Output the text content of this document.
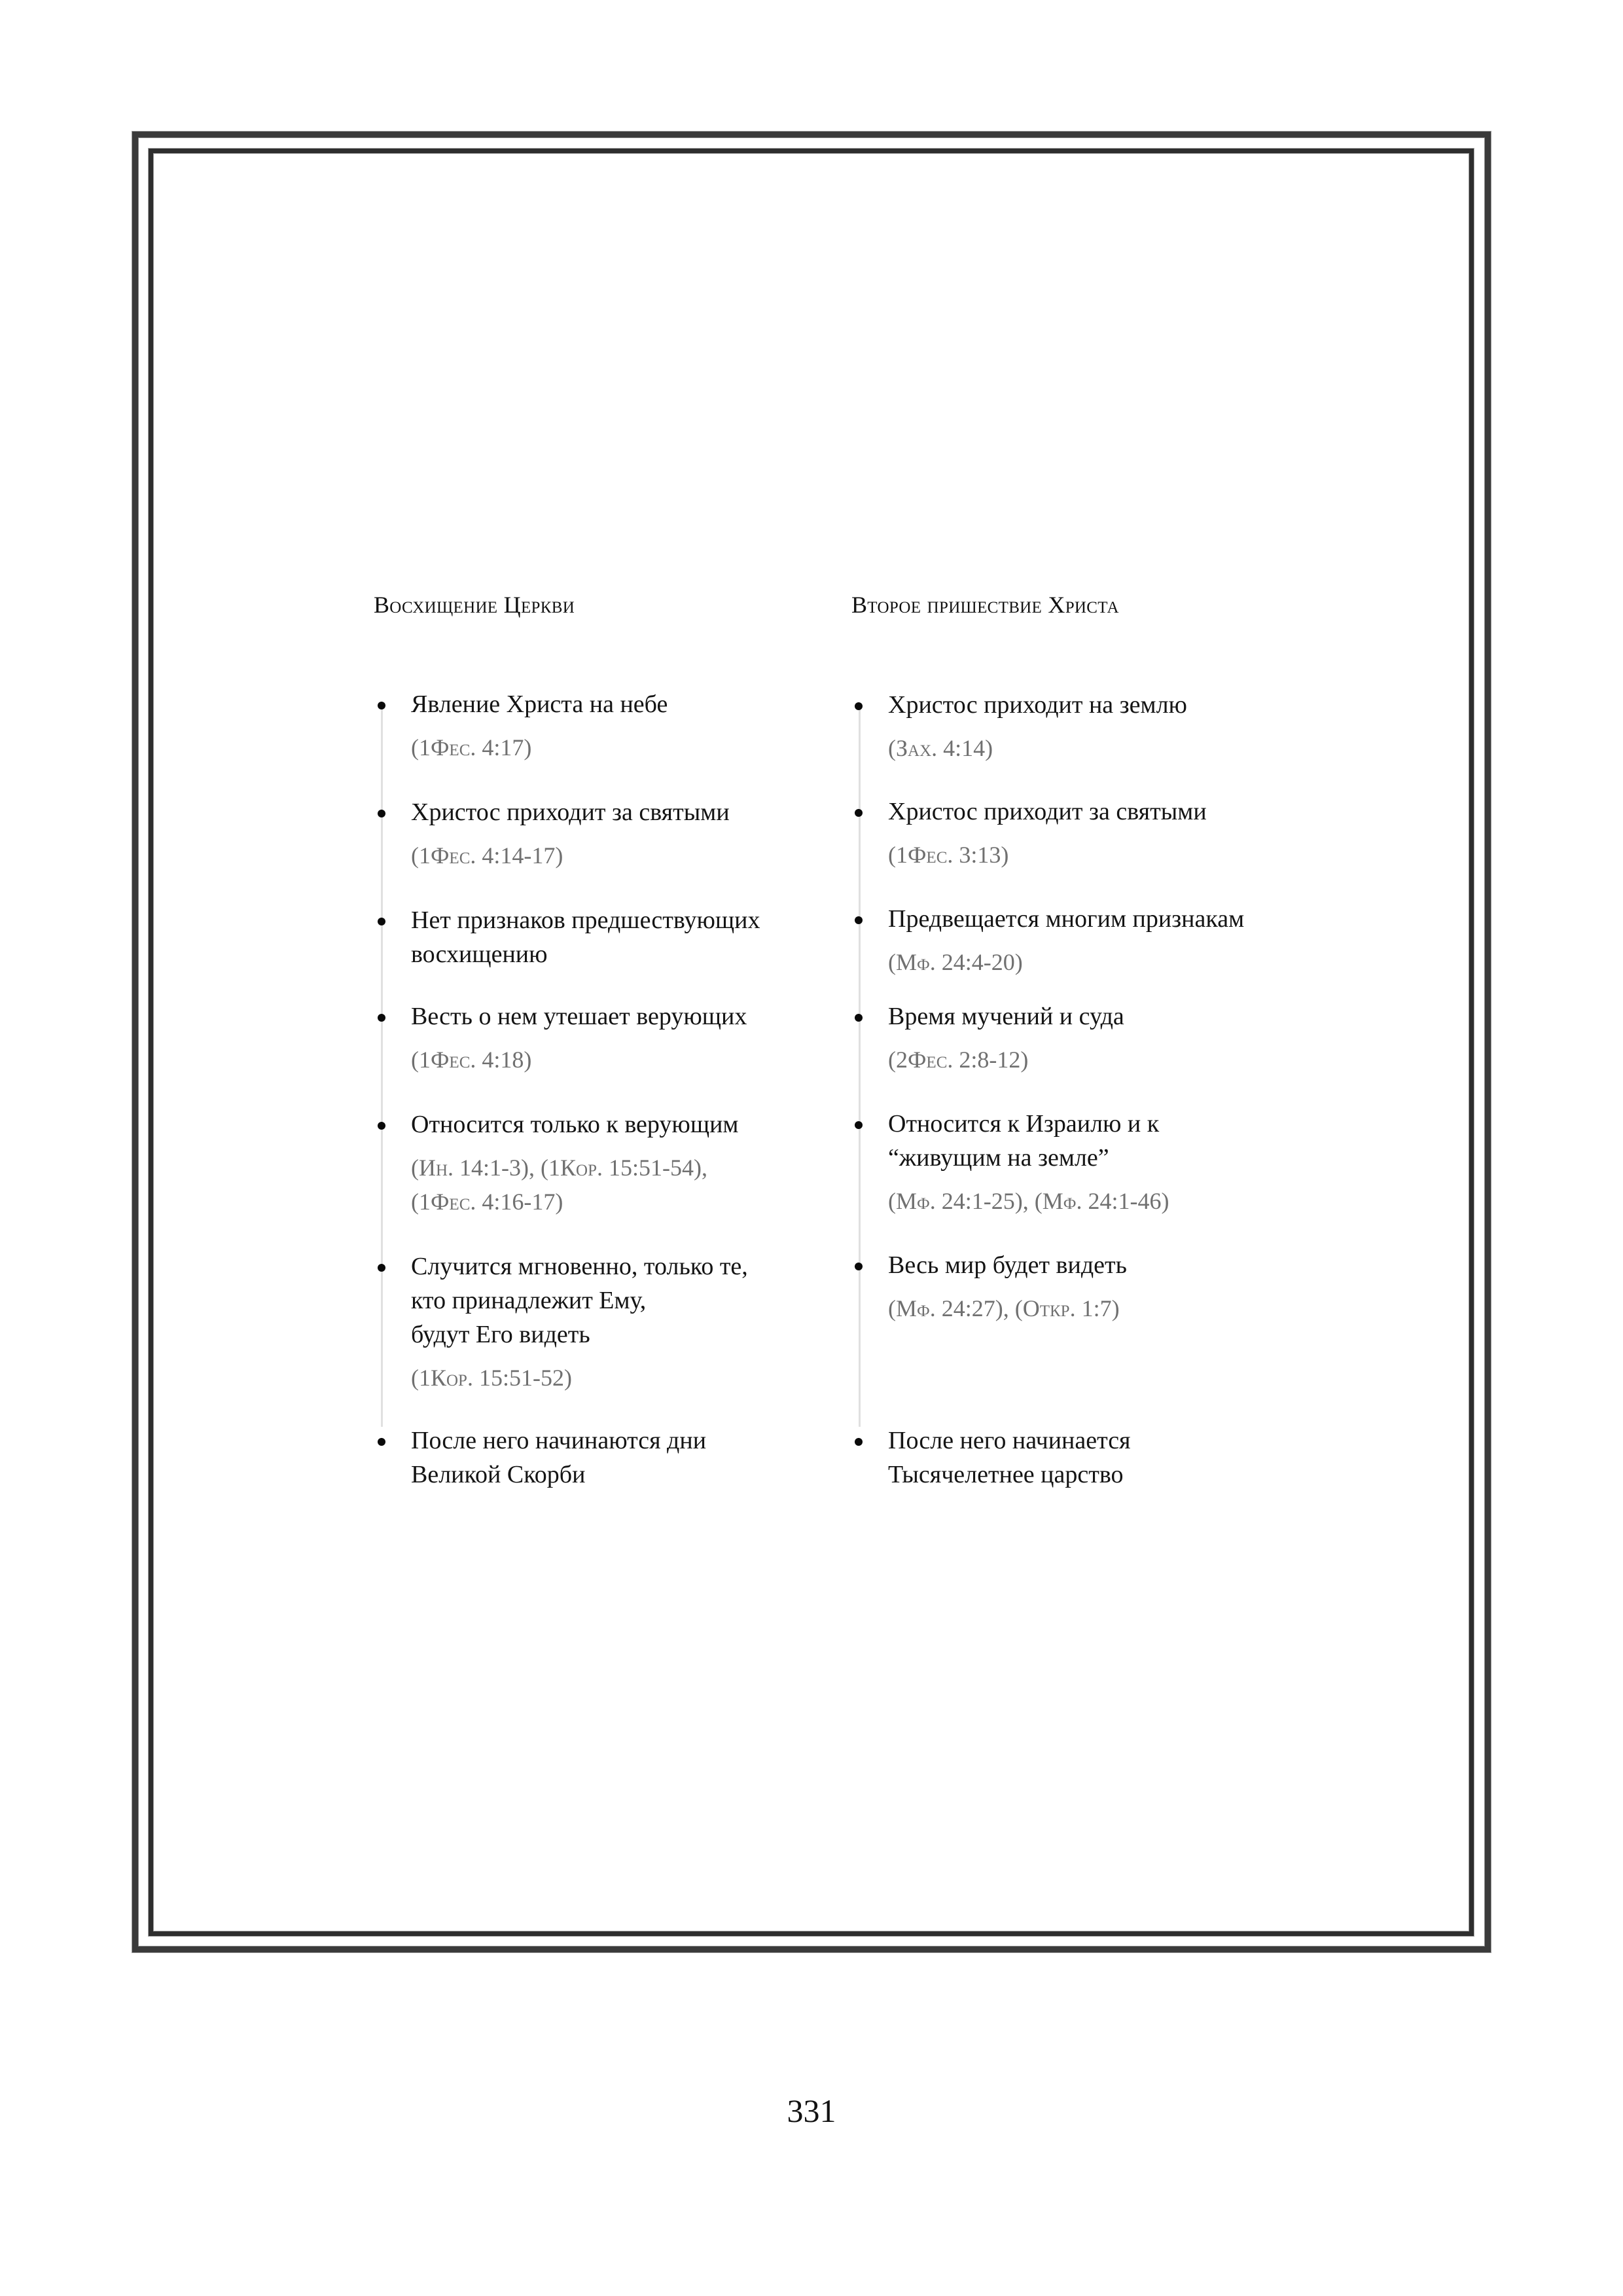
Восхищение Церкви
Явление Христа на небе
(1Фес. 4:17)
Христос приходит за святыми
(1Фес. 4:14-17)
Нет признаков предшествующих
восхищению
Весть о нем утешает верующих
(1Фес. 4:18)
Относится только к верующим
(Ин. 14:1-3), (1Кор. 15:51-54),
(1Фес. 4:16-17)
Случится мгновенно, только те,
кто принадлежит Ему,
будут Его видеть
(1Кор. 15:51-52)
После него начинаются дни
Великой Скорби
Второе пришествие Христа
Христос приходит на землю
(Зах. 4:14)
Христос приходит за святыми
(1Фес. 3:13)
Предвещается многим признакам
(Мф. 24:4-20)
Время мучений и суда
(2Фес. 2:8-12)
Относится к Израилю и к
“живущим на земле”
(Мф. 24:1-25), (Мф. 24:1-46)
Весь мир будет видеть
(Мф. 24:27), (Откр. 1:7)
После него начинается
Тысячелетнее царство
331
